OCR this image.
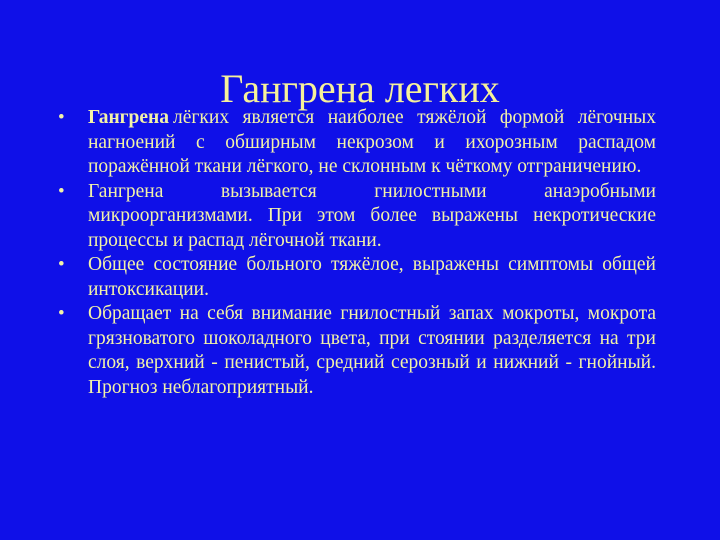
Гангрена легких
• Гангрена лёгких является наиболее тяжёлой формой лёгочных нагноений с обширным некрозом и ихорозным распадом поражённой ткани лёгкого, не склонным к чёткому отграничению.
• Гангрена вызывается гнилостными анаэробными микроорганизмами. При этом более выражены некротические процессы и распад лёгочной ткани.
• Общее состояние больного тяжёлое, выражены симптомы общей интоксикации.
• Обращает на себя внимание гнилостный запах мокроты, мокрота грязноватого шоколадного цвета, при стоянии разделяется на три слоя, верхний - пенистый, средний серозный и нижний - гнойный. Прогноз неблагоприятный.
